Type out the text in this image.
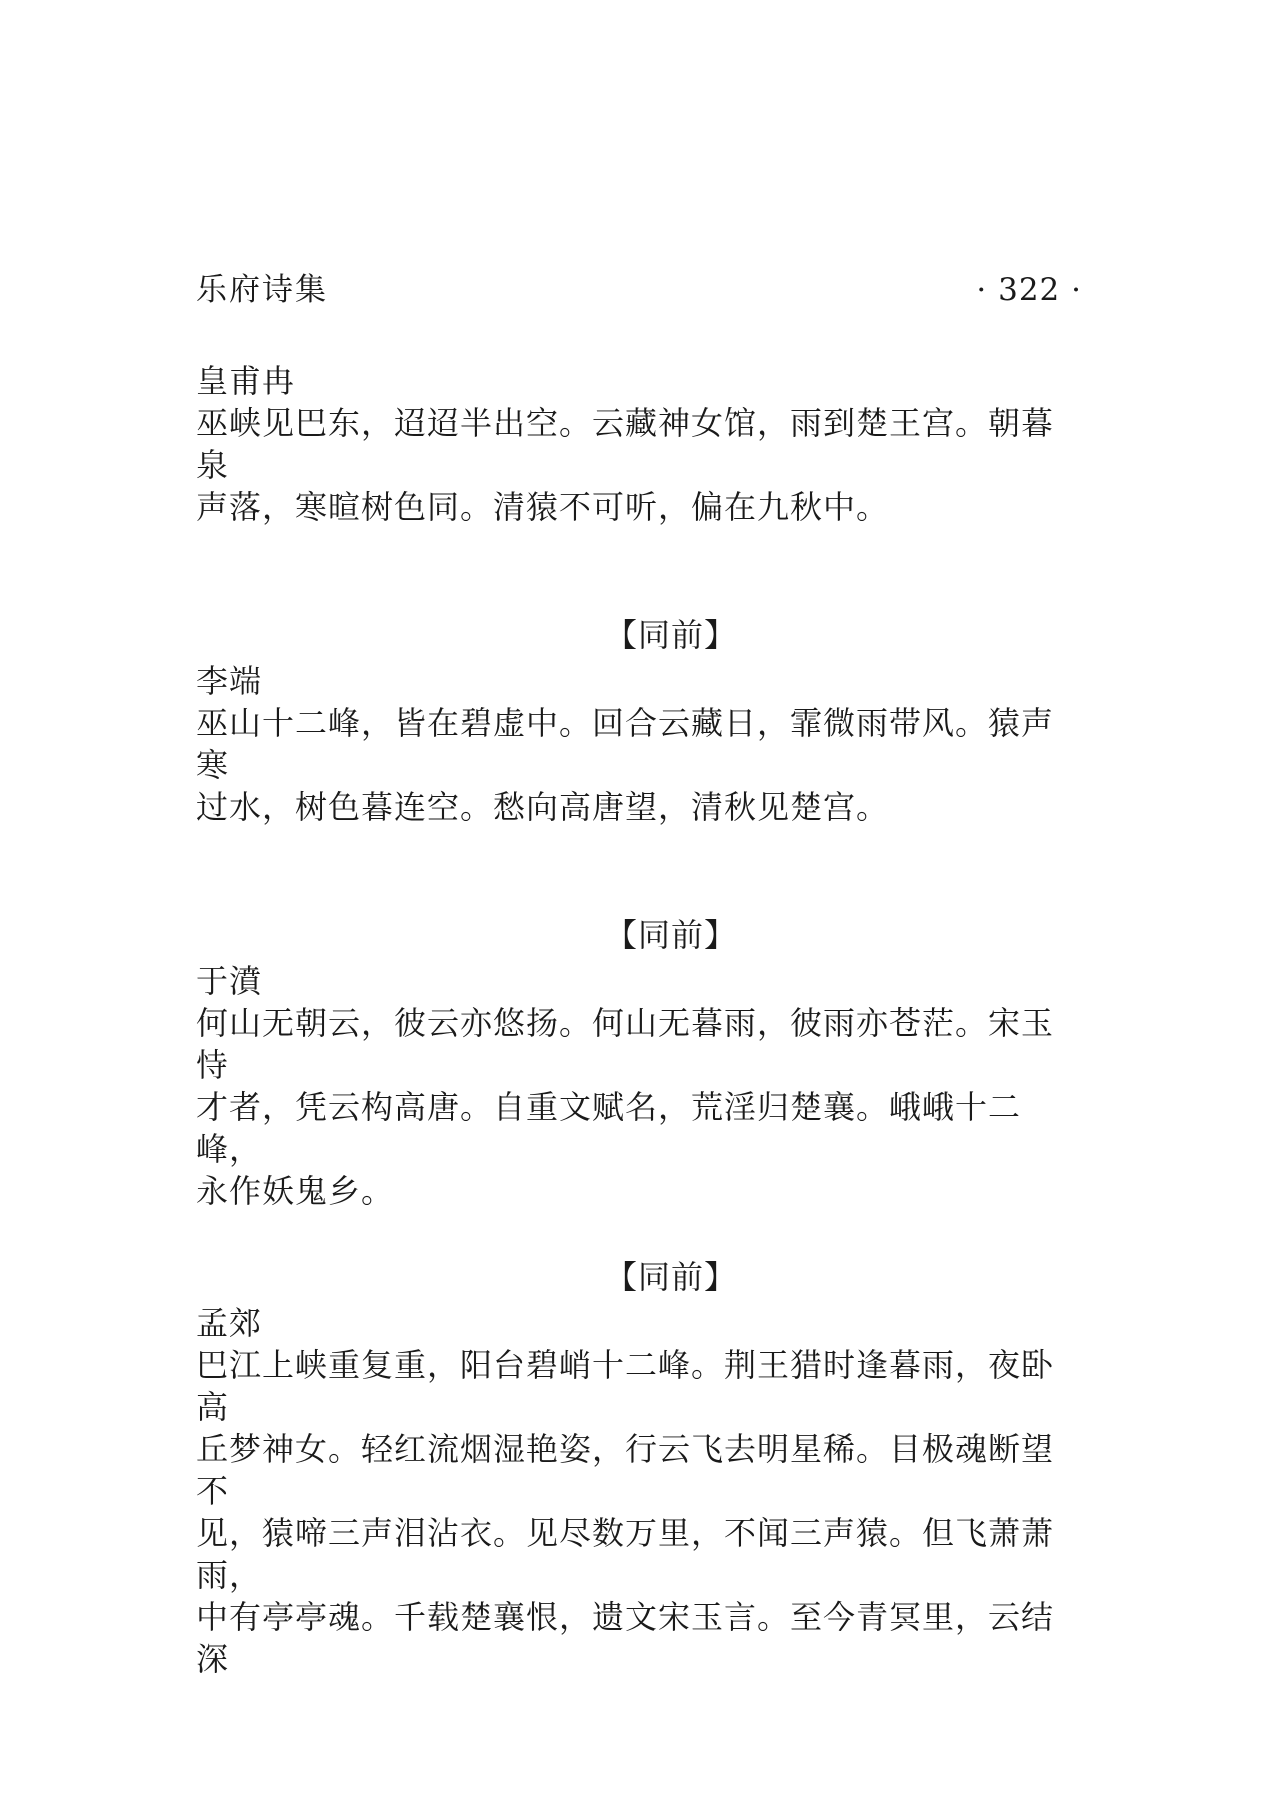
乐府诗集	· 322 ·
皇甫冉
巫峡见巴东，迢迢半出空。云藏神女馆，雨到楚王宫。朝暮泉
声落，寒暄树色同。清猿不可听，偏在九秋中。
【同前】
李端
巫山十二峰，皆在碧虚中。回合云藏日，霏微雨带风。猿声寒
过水，树色暮连空。愁向高唐望，清秋见楚宫。
【同前】
于濆
何山无朝云，彼云亦悠扬。何山无暮雨，彼雨亦苍茫。宋玉恃
才者，凭云构高唐。自重文赋名，荒淫归楚襄。峨峨十二峰，
永作妖鬼乡。
【同前】
孟郊
巴江上峡重复重，阳台碧峭十二峰。荆王猎时逢暮雨，夜卧高
丘梦神女。轻红流烟湿艳姿，行云飞去明星稀。目极魂断望不
见，猿啼三声泪沾衣。见尽数万里，不闻三声猿。但飞萧萧雨，
中有亭亭魂。千载楚襄恨，遗文宋玉言。至今青冥里，云结深
